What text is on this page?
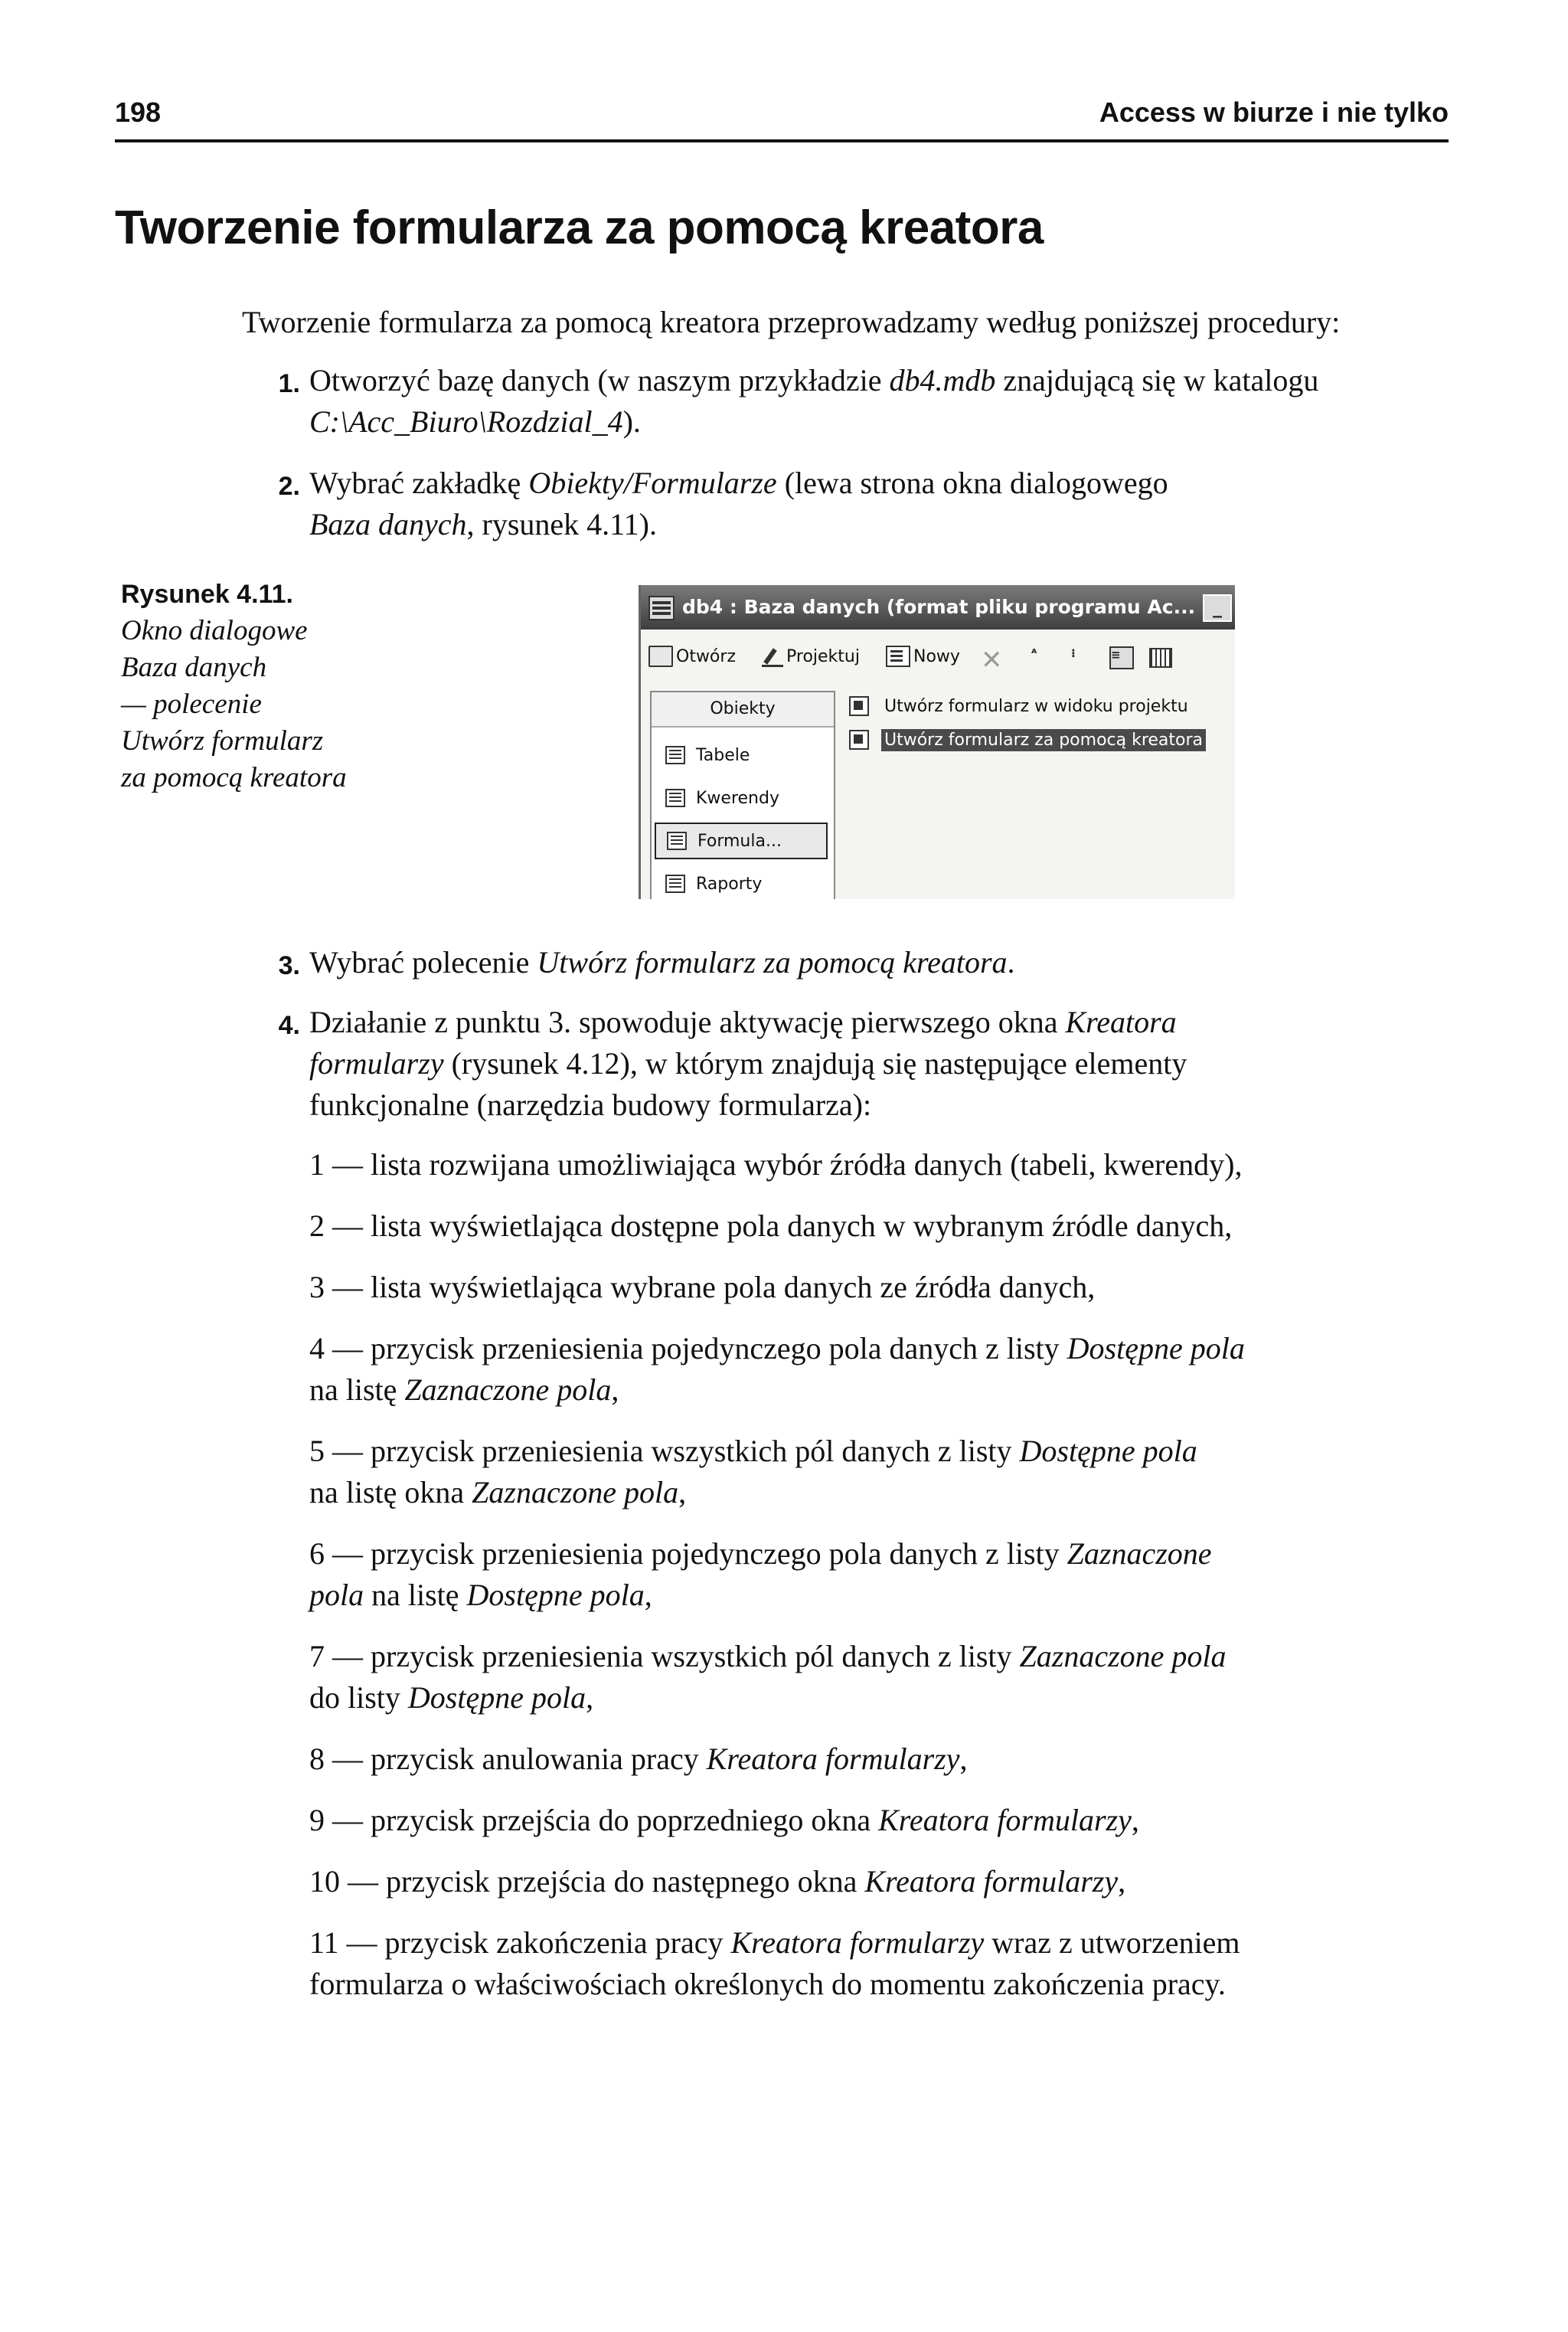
198	Access w biurze i nie tylko
Tworzenie formularza za pomocą kreatora

Tworzenie formularza za pomocą kreatora przeprowadzamy według poniższej procedury:

1. Otworzyć bazę danych (w naszym przykładzie db4.mdb znajdującą się w katalogu

C:\Acc_Biuro\Rozdzial_4).

2. Wybrać zakładkę Obiekty/Formularze (lewa strona okna dialogowego

Baza danych, rysunek 4.11).

Rysunek 4.11.
Okno dialogowe
Baza danych
— polecenie
Utwórz formularz
za pomocą kreatora
db4 : Baza danych (format pliku programu Ac... _
Otwórz	Projektuj	Nowy ✕	ᴬ	⁝	≡
Obiekty
Tabele
Kwerendy
Formula...
Raporty
Utwórz formularz w widoku projektu
Utwórz formularz za pomocą kreatora
3. Wybrać polecenie Utwórz formularz za pomocą kreatora.

4. Działanie z punktu 3. spowoduje aktywację pierwszego okna Kreatora

formularzy (rysunek 4.12), w którym znajdują się następujące elementy

funkcjonalne (narzędzia budowy formularza):

1 — lista rozwijana umożliwiająca wybór źródła danych (tabeli, kwerendy),

2 — lista wyświetlająca dostępne pola danych w wybranym źródle danych,

3 — lista wyświetlająca wybrane pola danych ze źródła danych,

4 — przycisk przeniesienia pojedynczego pola danych z listy Dostępne pola

na listę Zaznaczone pola,

5 — przycisk przeniesienia wszystkich pól danych z listy Dostępne pola

na listę okna Zaznaczone pola,

6 — przycisk przeniesienia pojedynczego pola danych z listy Zaznaczone

pola na listę Dostępne pola,

7 — przycisk przeniesienia wszystkich pól danych z listy Zaznaczone pola

do listy Dostępne pola,

8 — przycisk anulowania pracy Kreatora formularzy,

9 — przycisk przejścia do poprzedniego okna Kreatora formularzy,

10 — przycisk przejścia do następnego okna Kreatora formularzy,

11 — przycisk zakończenia pracy Kreatora formularzy wraz z utworzeniem

formularza o właściwościach określonych do momentu zakończenia pracy.
